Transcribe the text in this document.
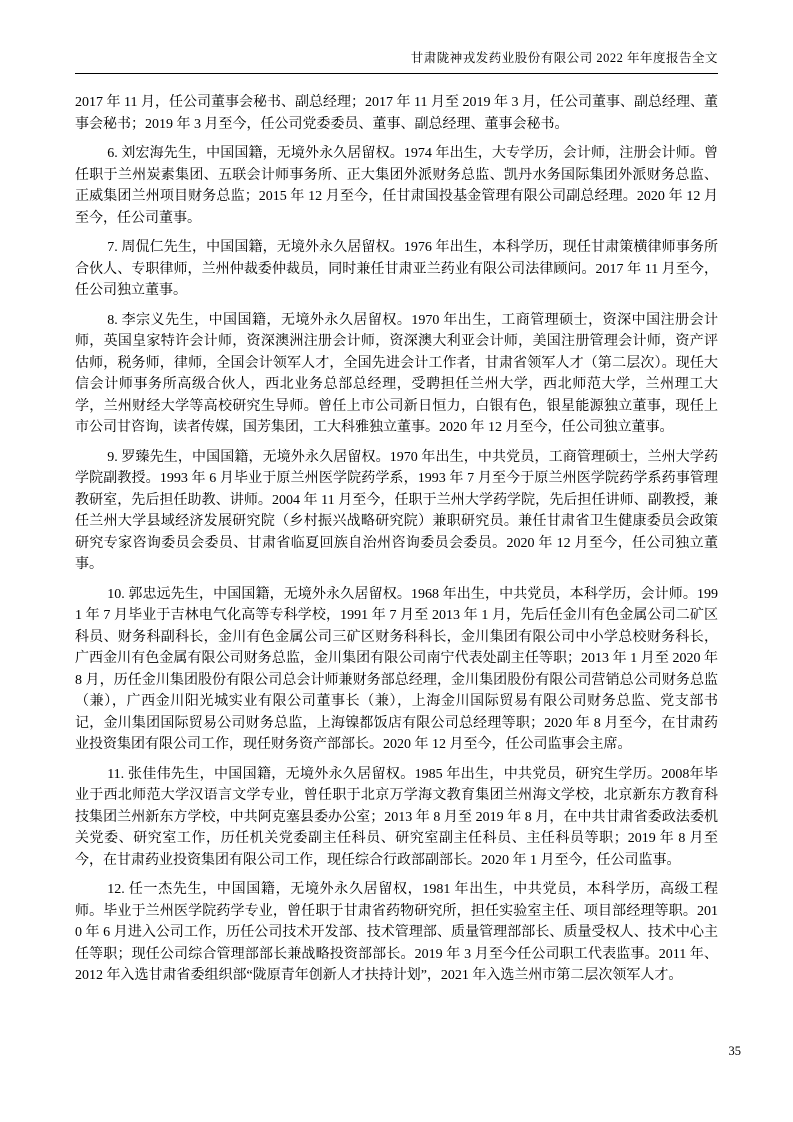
甘肃陇神戎发药业股份有限公司 2022 年年度报告全文

2017 年 11 月，任公司董事会秘书、副总经理；2017 年 11 月至 2019 年 3 月，任公司董事、副总经理、董事会秘书；2019 年 3 月至今，任公司党委委员、董事、副总经理、董事会秘书。

6. 刘宏海先生，中国国籍，无境外永久居留权。1974 年出生，大专学历，会计师，注册会计师。曾任职于兰州炭素集团、五联会计师事务所、正大集团外派财务总监、凯丹水务国际集团外派财务总监、正威集团兰州项目财务总监；2015 年 12 月至今，任甘肃国投基金管理有限公司副总经理。2020 年 12 月至今，任公司董事。

7. 周侃仁先生，中国国籍，无境外永久居留权。1976 年出生，本科学历，现任甘肃策横律师事务所合伙人、专职律师，兰州仲裁委仲裁员，同时兼任甘肃亚兰药业有限公司法律顾问。2017 年 11 月至今，任公司独立董事。

8. 李宗义先生，中国国籍，无境外永久居留权。1970 年出生，工商管理硕士，资深中国注册会计师，英国皇家特许会计师，资深澳洲注册会计师，资深澳大利亚会计师，美国注册管理会计师，资产评估师，税务师，律师，全国会计领军人才，全国先进会计工作者，甘肃省领军人才（第二层次）。现任大信会计师事务所高级合伙人，西北业务总部总经理，受聘担任兰州大学，西北师范大学，兰州理工大学，兰州财经大学等高校研究生导师。曾任上市公司新日恒力，白银有色，银星能源独立董事，现任上市公司甘咨询，读者传媒，国芳集团，工大科雅独立董事。2020 年 12 月至今，任公司独立董事。

9. 罗臻先生，中国国籍，无境外永久居留权。1970 年出生，中共党员，工商管理硕士，兰州大学药学院副教授。1993 年 6 月毕业于原兰州医学院药学系，1993 年 7 月至今于原兰州医学院药学系药事管理教研室，先后担任助教、讲师。2004 年 11 月至今，任职于兰州大学药学院，先后担任讲师、副教授，兼任兰州大学县域经济发展研究院（乡村振兴战略研究院）兼职研究员。兼任甘肃省卫生健康委员会政策研究专家咨询委员会委员、甘肃省临夏回族自治州咨询委员会委员。2020 年 12 月至今，任公司独立董事。

10. 郭忠远先生，中国国籍，无境外永久居留权。1968 年出生，中共党员，本科学历，会计师。1991 年 7 月毕业于吉林电气化高等专科学校，1991 年 7 月至 2013 年 1 月，先后任金川有色金属公司二矿区科员、财务科副科长，金川有色金属公司三矿区财务科科长，金川集团有限公司中小学总校财务科长，广西金川有色金属有限公司财务总监，金川集团有限公司南宁代表处副主任等职；2013 年 1 月至 2020 年 8 月，历任金川集团股份有限公司总会计师兼财务部总经理，金川集团股份有限公司营销总公司财务总监（兼），广西金川阳光城实业有限公司董事长（兼），上海金川国际贸易有限公司财务总监、党支部书记，金川集团国际贸易公司财务总监，上海镍都饭店有限公司总经理等职；2020 年 8 月至今，在甘肃药业投资集团有限公司工作，现任财务资产部部长。2020 年 12 月至今，任公司监事会主席。

11. 张佳伟先生，中国国籍，无境外永久居留权。1985 年出生，中共党员，研究生学历。2008年毕业于西北师范大学汉语言文学专业，曾任职于北京万学海文教育集团兰州海文学校，北京新东方教育科技集团兰州新东方学校，中共阿克塞县委办公室；2013 年 8 月至 2019 年 8 月，在中共甘肃省委政法委机关党委、研究室工作，历任机关党委副主任科员、研究室副主任科员、主任科员等职；2019 年 8 月至今，在甘肃药业投资集团有限公司工作，现任综合行政部副部长。2020 年 1 月至今，任公司监事。

12. 任一杰先生，中国国籍，无境外永久居留权，1981 年出生，中共党员，本科学历，高级工程师。毕业于兰州医学院药学专业，曾任职于甘肃省药物研究所，担任实验室主任、项目部经理等职。2010 年 6 月进入公司工作，历任公司技术开发部、技术管理部、质量管理部部长、质量受权人、技术中心主任等职；现任公司综合管理部部长兼战略投资部部长。2019 年 3 月至今任公司职工代表监事。2011 年、 2012 年入选甘肃省委组织部“陇原青年创新人才扶持计划”，2021 年入选兰州市第二层次领军人才。

35
